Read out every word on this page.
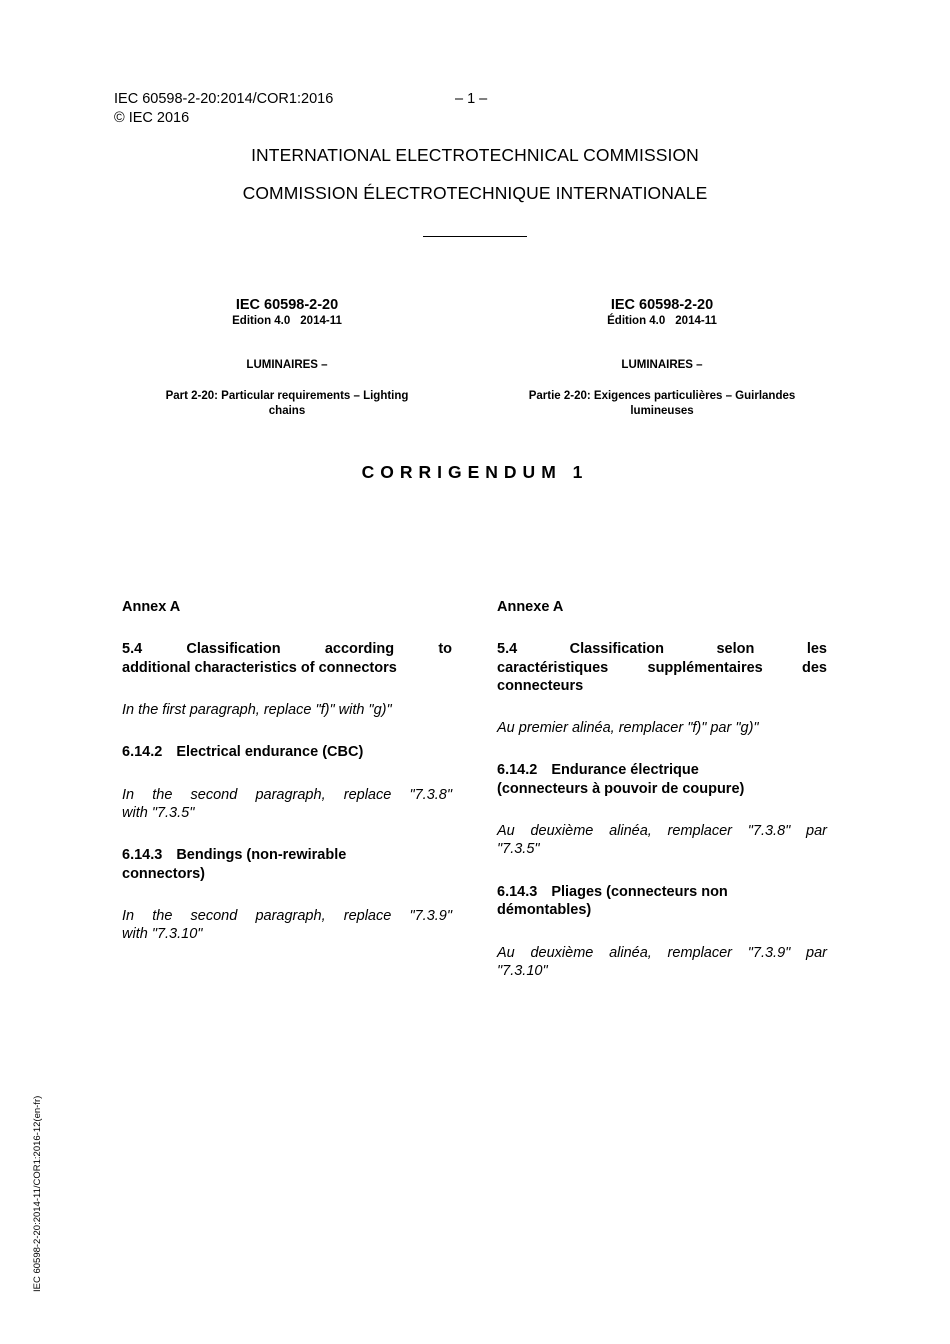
IEC 60598-2-20:2014/COR1:2016	– 1 –
© IEC 2016
INTERNATIONAL ELECTROTECHNICAL COMMISSION
COMMISSION ÉLECTROTECHNIQUE INTERNATIONALE
IEC 60598-2-20
Edition 4.0 2014-11
LUMINAIRES –
Part 2-20: Particular requirements – Lighting
chains
IEC 60598-2-20
Édition 4.0 2014-11
LUMINAIRES –
Partie 2-20: Exigences particulières – Guirlandes
lumineuses
CORRIGENDUM 1
Annex A
5.4 Classification according to
additional characteristics of connectors
In the first paragraph, replace "f)" with "g)"
6.14.2 Electrical endurance (CBC)
In the second paragraph, replace "7.3.8"
with "7.3.5"
6.14.3 Bendings (non-rewirable
connectors)
In the second paragraph, replace "7.3.9"
with "7.3.10"
Annexe A
5.4 Classification selon les
caractéristiques supplémentaires des
connecteurs
Au premier alinéa, remplacer "f)" par "g)"
6.14.2 Endurance électrique
(connecteurs à pouvoir de coupure)
Au deuxième alinéa, remplacer "7.3.8" par
"7.3.5"
6.14.3 Pliages (connecteurs non
démontables)
Au deuxième alinéa, remplacer "7.3.9" par
"7.3.10"
IEC 60598-2-20:2014-11/COR1:2016-12(en-fr)
